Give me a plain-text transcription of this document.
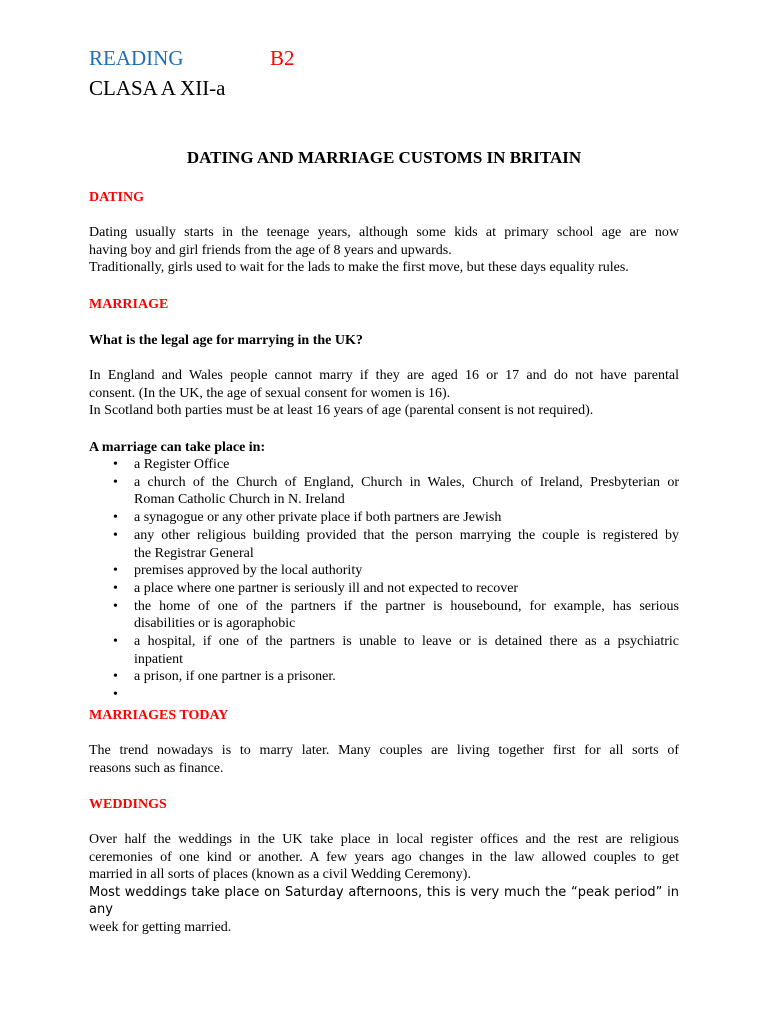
READING	B2
CLASA A XII-a
DATING AND MARRIAGE CUSTOMS IN BRITAIN
DATING
Dating usually starts in the teenage years, although some kids at primary school age are now
having boy and girl friends from the age of 8 years and upwards.
Traditionally, girls used to wait for the lads to make the first move, but these days equality rules.
MARRIAGE
What is the legal age for marrying in the UK?
In England and Wales people cannot marry if they are aged 16 or 17 and do not have parental
consent. (In the UK, the age of sexual consent for women is 16).
In Scotland both parties must be at least 16 years of age (parental consent is not required).
A marriage can take place in:
• a Register Office
• a church of the Church of England, Church in Wales, Church of Ireland, Presbyterian or
Roman Catholic Church in N. Ireland
• a synagogue or any other private place if both partners are Jewish
• any other religious building provided that the person marrying the couple is registered by
the Registrar General
• premises approved by the local authority
• a place where one partner is seriously ill and not expected to recover
• the home of one of the partners if the partner is housebound, for example, has serious
disabilities or is agoraphobic
• a hospital, if one of the partners is unable to leave or is detained there as a psychiatric
inpatient
• a prison, if one partner is a prisoner.
•

MARRIAGES TODAY
The trend nowadays is to marry later. Many couples are living together first for all sorts of
reasons such as finance.
WEDDINGS
Over half the weddings in the UK take place in local register offices and the rest are religious
ceremonies of one kind or another. A few years ago changes in the law allowed couples to get
married in all sorts of places (known as a civil Wedding Ceremony).
Most weddings take place on Saturday afternoons, this is very much the “peak period” in any
week for getting married.
